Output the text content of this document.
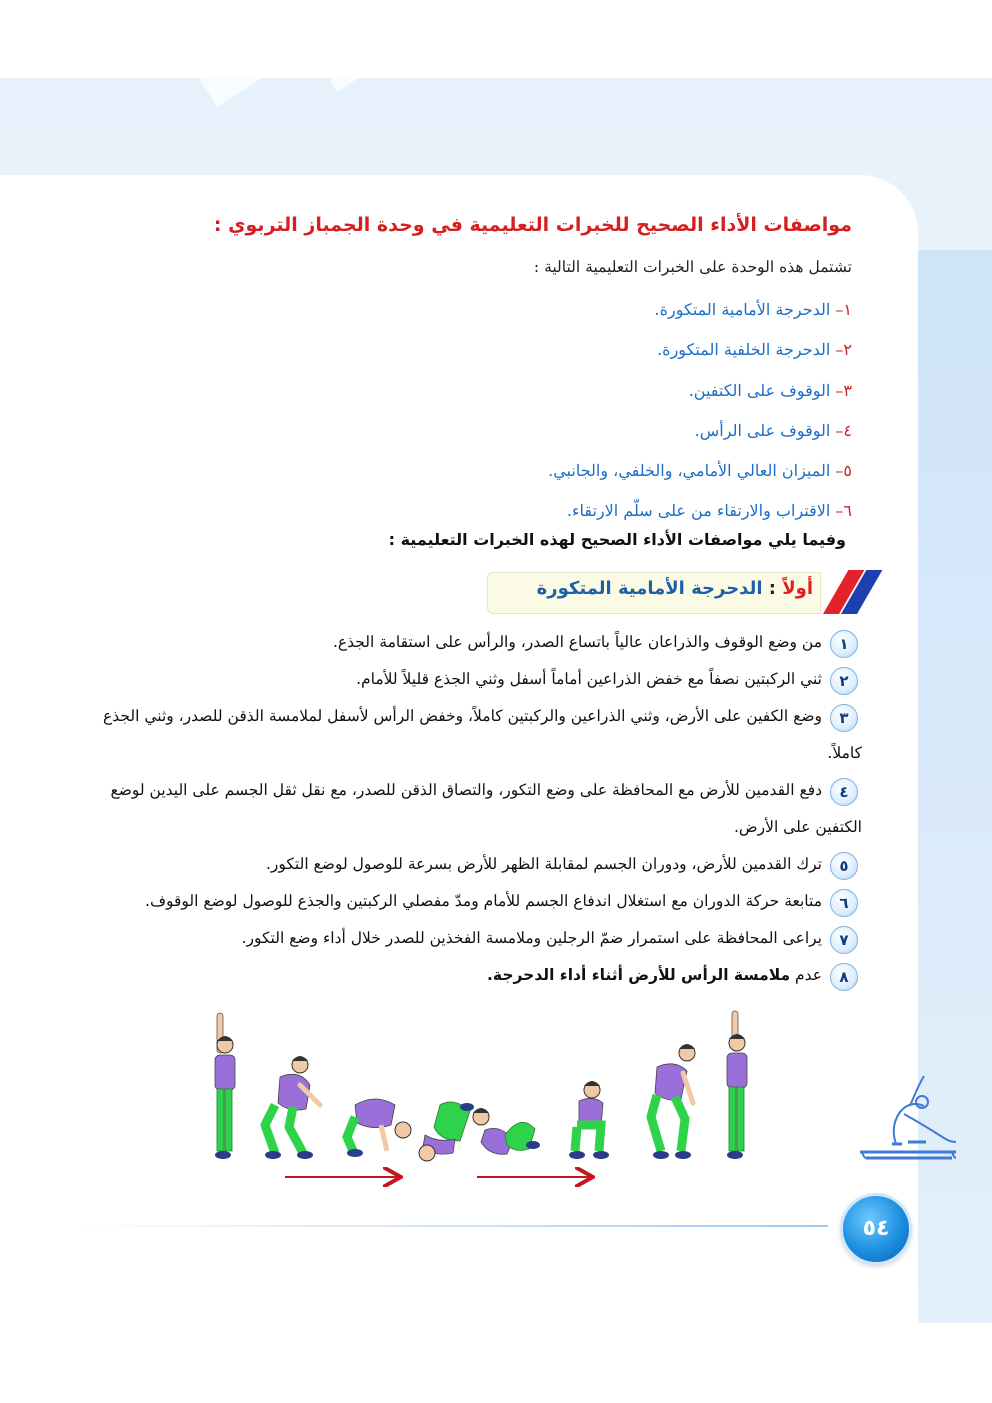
مواصفات الأداء الصحيح للخبرات التعليمية في وحدة الجمباز التربوي :
تشتمل هذه الوحدة على الخبرات التعليمية التالية :
١– الدحرجة الأمامية المتكورة.
٢– الدحرجة الخلفية المتكورة.
٣– الوقوف على الكتفين.
٤– الوقوف على الرأس.
٥– الميزان العالي الأمامي، والخلفي، والجانبي.
٦– الاقتراب والارتقاء من على سلّم الارتقاء.
وفيما يلي مواصفات الأداء الصحيح لهذه الخبرات التعليمية :
أولاً : الدحرجة الأمامية المتكورة
١
من وضع الوقوف والذراعان عالياً باتساع الصدر، والرأس على استقامة الجذع.
٢
ثني الركبتين نصفاً مع خفض الذراعين أماماً أسفل وثني الجذع قليلاً للأمام.
٣
وضع الكفين على الأرض، وثني الذراعين والركبتين كاملاً، وخفض الرأس لأسفل لملامسة الذقن للصدر، وثني الجذع كاملاً.
٤
دفع القدمين للأرض مع المحافظة على وضع التكور، والتصاق الذقن للصدر، مع نقل ثقل الجسم على اليدين لوضع الكتفين على الأرض.
٥
ترك القدمين للأرض، ودوران الجسم لمقابلة الظهر للأرض بسرعة للوصول لوضع التكور.
٦
متابعة حركة الدوران مع استغلال اندفاع الجسم للأمام ومدّ مفصلي الركبتين والجذع للوصول لوضع الوقوف.
٧
يراعى المحافظة على استمرار ضمّ الرجلين وملامسة الفخذين للصدر خلال أداء وضع التكور.
٨
عدم ملامسة الرأس للأرض أثناء أداء الدحرجة.
٥٤
